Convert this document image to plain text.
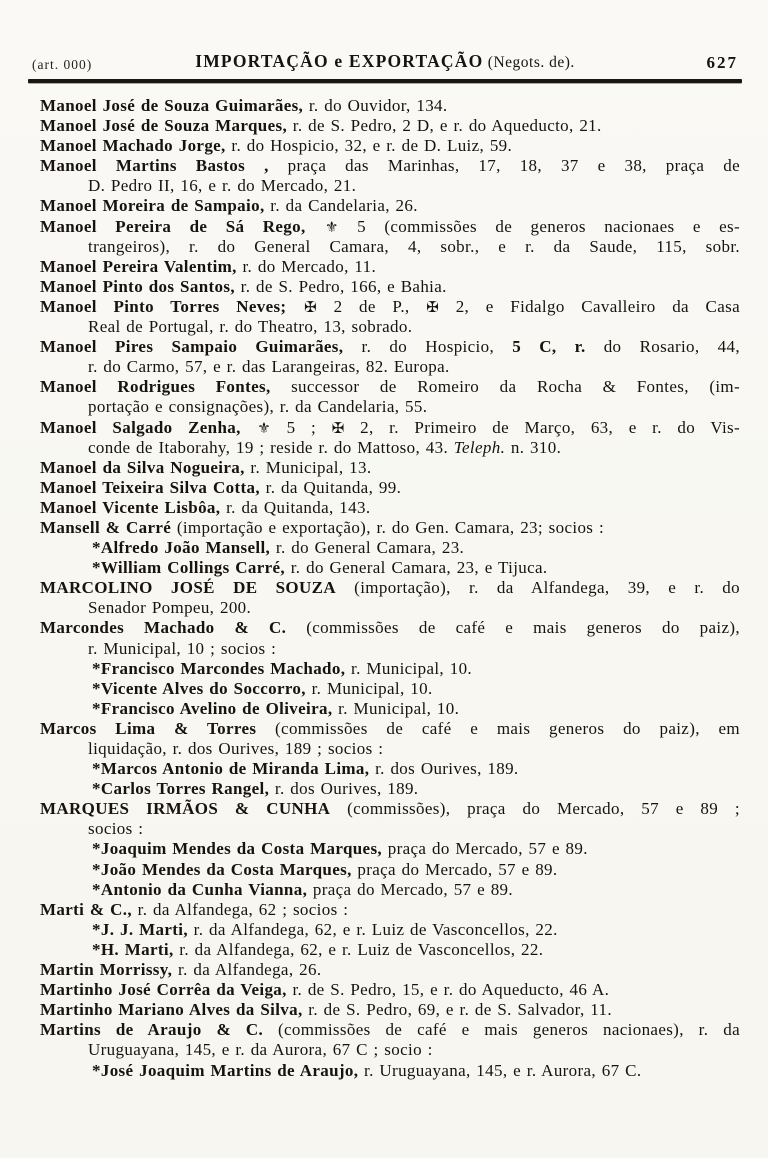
(art. 000)	IMPORTAÇÃO e EXPORTAÇÃO (Negots. de).	627
Manoel José de Souza Guimarães, r. do Ouvidor, 134.
Manoel José de Souza Marques, r. de S. Pedro, 2 D, e r. do Aqueducto, 21.
Manoel Machado Jorge, r. do Hospicio, 32, e r. de D. Luiz, 59.
Manoel Martins Bastos , praça das Marinhas, 17, 18, 37 e 38, praça de
D. Pedro II, 16, e r. do Mercado, 21.
Manoel Moreira de Sampaio, r. da Candelaria, 26.
Manoel Pereira de Sá Rego, ⚜ 5 (commissões de generos nacionaes e es-
trangeiros), r. do General Camara, 4, sobr., e r. da Saude, 115, sobr.
Manoel Pereira Valentim, r. do Mercado, 11.
Manoel Pinto dos Santos, r. de S. Pedro, 166, e Bahia.
Manoel Pinto Torres Neves; ✠ 2 de P., ✠ 2, e Fidalgo Cavalleiro da Casa
Real de Portugal, r. do Theatro, 13, sobrado.
Manoel Pires Sampaio Guimarães, r. do Hospicio, 5 C, r. do Rosario, 44,
r. do Carmo, 57, e r. das Larangeiras, 82. Europa.
Manoel Rodrigues Fontes, successor de Romeiro da Rocha & Fontes, (im-
portação e consignações), r. da Candelaria, 55.
Manoel Salgado Zenha, ⚜ 5 ; ✠ 2, r. Primeiro de Março, 63, e r. do Vis-
conde de Itaborahy, 19 ; reside r. do Mattoso, 43. Teleph. n. 310.
Manoel da Silva Nogueira, r. Municipal, 13.
Manoel Teixeira Silva Cotta, r. da Quitanda, 99.
Manoel Vicente Lisbôa, r. da Quitanda, 143.
Mansell & Carré (importação e exportação), r. do Gen. Camara, 23; socios :
*Alfredo João Mansell, r. do General Camara, 23.
*William Collings Carré, r. do General Camara, 23, e Tijuca.
MARCOLINO JOSÉ DE SOUZA (importação), r. da Alfandega, 39, e r. do
Senador Pompeu, 200.
Marcondes Machado & C. (commissões de café e mais generos do paiz),
r. Municipal, 10 ; socios :
*Francisco Marcondes Machado, r. Municipal, 10.
*Vicente Alves do Soccorro, r. Municipal, 10.
*Francisco Avelino de Oliveira, r. Municipal, 10.
Marcos Lima & Torres (commissões de café e mais generos do paiz), em
liquidação, r. dos Ourives, 189 ; socios :
*Marcos Antonio de Miranda Lima, r. dos Ourives, 189.
*Carlos Torres Rangel, r. dos Ourives, 189.
MARQUES IRMÃOS & CUNHA (commissões), praça do Mercado, 57 e 89 ;
socios :
*Joaquim Mendes da Costa Marques, praça do Mercado, 57 e 89.
*João Mendes da Costa Marques, praça do Mercado, 57 e 89.
*Antonio da Cunha Vianna, praça do Mercado, 57 e 89.
Marti & C., r. da Alfandega, 62 ; socios :
*J. J. Marti, r. da Alfandega, 62, e r. Luiz de Vasconcellos, 22.
*H. Marti, r. da Alfandega, 62, e r. Luiz de Vasconcellos, 22.
Martin Morrissy, r. da Alfandega, 26.
Martinho José Corrêa da Veiga, r. de S. Pedro, 15, e r. do Aqueducto, 46 A.
Martinho Mariano Alves da Silva, r. de S. Pedro, 69, e r. de S. Salvador, 11.
Martins de Araujo & C. (commissões de café e mais generos nacionaes), r. da
Uruguayana, 145, e r. da Aurora, 67 C ; socio :
*José Joaquim Martins de Araujo, r. Uruguayana, 145, e r. Aurora, 67 C.
